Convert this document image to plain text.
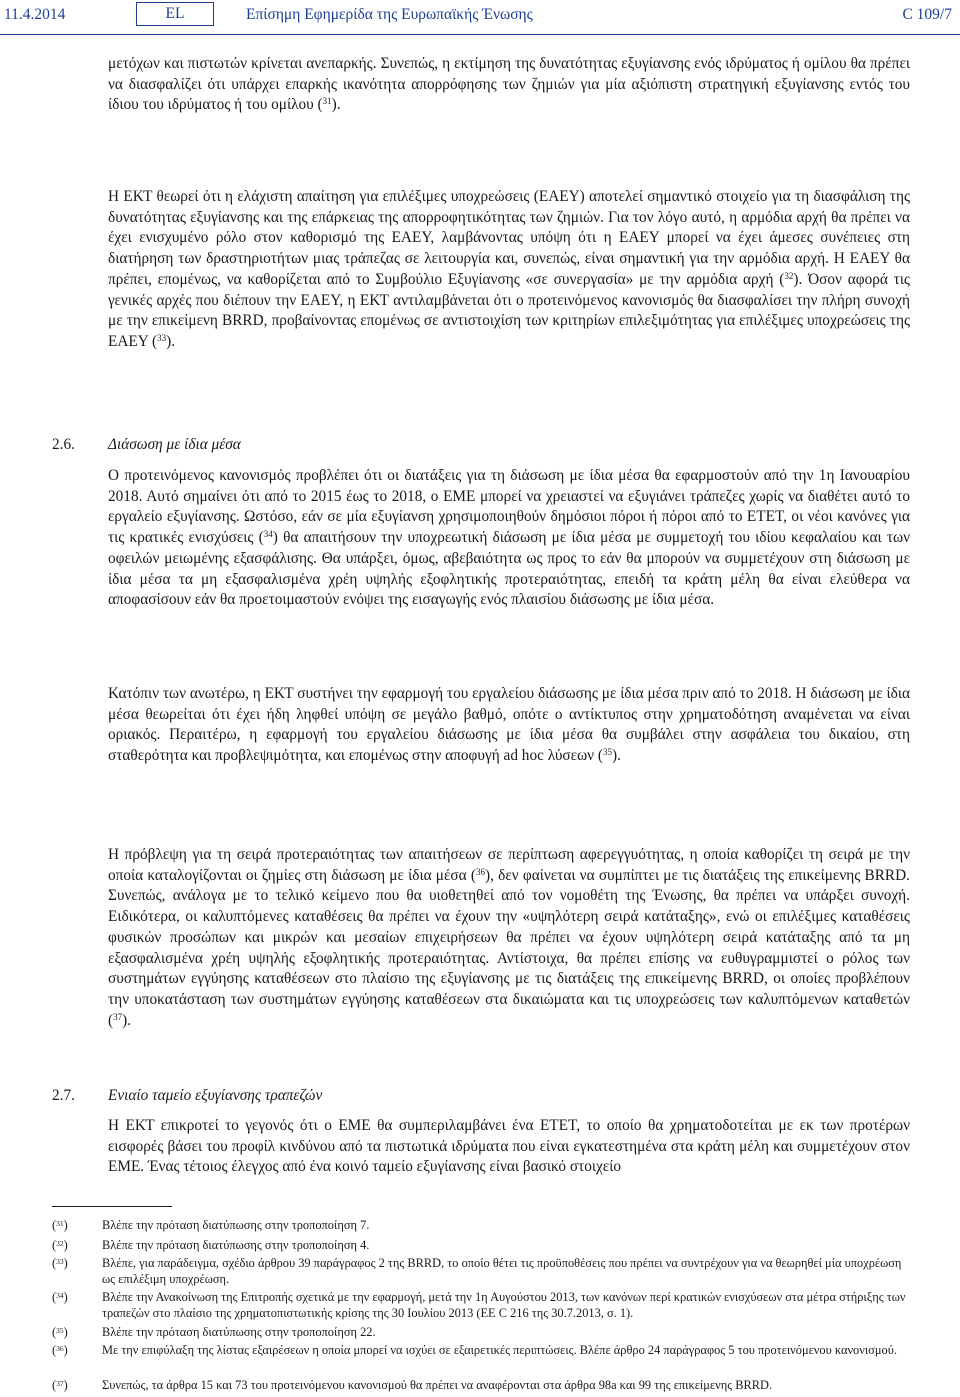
11.4.2014	EL	Επίσημη Εφημερίδα της Ευρωπαϊκής Ένωσης	C 109/7

μετόχων και πιστωτών κρίνεται ανεπαρκής. Συνεπώς, η εκτίμηση της δυνατότητας εξυγίανσης ενός ιδρύματος ή ομίλου θα πρέπει να διασφαλίζει ότι υπάρχει επαρκής ικανότητα απορρόφησης των ζημιών για μία αξιόπιστη στρατηγική εξυγίανσης εντός του ίδιου του ιδρύματος ή του ομίλου ($^{31}$).

Η ΕΚΤ θεωρεί ότι η ελάχιστη απαίτηση για επιλέξιμες υποχρεώσεις (ΕΑΕΥ) αποτελεί σημαντικό στοιχείο για τη διασφάλιση της δυνατότητας εξυγίανσης και της επάρκειας της απορροφητικότητας των ζημιών. Για τον λόγο αυτό, η αρμόδια αρχή θα πρέπει να έχει ενισχυμένο ρόλο στον καθορισμό της ΕΑΕΥ, λαμβάνοντας υπόψη ότι η ΕΑΕΥ μπορεί να έχει άμεσες συνέπειες στη διατήρηση των δραστηριοτήτων μιας τράπεζας σε λειτουργία και, συνεπώς, είναι σημαντική για την αρμόδια αρχή. Η ΕΑΕΥ θα πρέπει, επομένως, να καθορίζεται από το Συμβούλιο Εξυγίανσης «σε συνεργασία» με την αρμόδια αρχή ($^{32}$). Όσον αφορά τις γενικές αρχές που διέπουν την ΕΑΕΥ, η ΕΚΤ αντιλαμβάνεται ότι ο προτεινόμενος κανονισμός θα διασφαλίσει την πλήρη συνοχή με την επικείμενη BRRD, προβαίνοντας επομένως σε αντιστοιχίση των κριτηρίων επιλεξιμότητας για επιλέξιμες υποχρεώσεις της ΕΑΕΥ ($^{33}$).

2.6. Διάσωση με ίδια μέσα

Ο προτεινόμενος κανονισμός προβλέπει ότι οι διατάξεις για τη διάσωση με ίδια μέσα θα εφαρμοστούν από την 1η Ιανουαρίου 2018. Αυτό σημαίνει ότι από το 2015 έως το 2018, ο ΕΜΕ μπορεί να χρειαστεί να εξυγιάνει τράπεζες χωρίς να διαθέτει αυτό το εργαλείο εξυγίανσης. Ωστόσο, εάν σε μία εξυγίανση χρησιμοποιηθούν δημόσιοι πόροι ή πόροι από το ΕΤΕΤ, οι νέοι κανόνες για τις κρατικές ενισχύσεις ($^{34}$) θα απαιτήσουν την υποχρεωτική διάσωση με ίδια μέσα με συμμετοχή του ιδίου κεφαλαίου και των οφειλών μειωμένης εξασφάλισης. Θα υπάρξει, όμως, αβεβαιότητα ως προς το εάν θα μπορούν να συμμετέχουν στη διάσωση με ίδια μέσα τα μη εξασφαλισμένα χρέη υψηλής εξοφλητικής προτεραιότητας, επειδή τα κράτη μέλη θα είναι ελεύθερα να αποφασίσουν εάν θα προετοιμαστούν ενόψει της εισαγωγής ενός πλαισίου διάσωσης με ίδια μέσα.

Κατόπιν των ανωτέρω, η ΕΚΤ συστήνει την εφαρμογή του εργαλείου διάσωσης με ίδια μέσα πριν από το 2018. Η διάσωση με ίδια μέσα θεωρείται ότι έχει ήδη ληφθεί υπόψη σε μεγάλο βαθμό, οπότε ο αντίκτυπος στην χρηματοδότηση αναμένεται να είναι οριακός. Περαιτέρω, η εφαρμογή του εργαλείου διάσωσης με ίδια μέσα θα συμβάλει στην ασφάλεια του δικαίου, στη σταθερότητα και προβλεψιμότητα, και επομένως στην αποφυγή ad hoc λύσεων ($^{35}$).

Η πρόβλεψη για τη σειρά προτεραιότητας των απαιτήσεων σε περίπτωση αφερεγγυότητας, η οποία καθορίζει τη σειρά με την οποία καταλογίζονται οι ζημίες στη διάσωση με ίδια μέσα ($^{36}$), δεν φαίνεται να συμπίπτει με τις διατάξεις της επικείμενης BRRD. Συνεπώς, ανάλογα με το τελικό κείμενο που θα υιοθετηθεί από τον νομοθέτη της Ένωσης, θα πρέπει να υπάρξει συνοχή. Ειδικότερα, οι καλυπτόμενες καταθέσεις θα πρέπει να έχουν την «υψηλότερη σειρά κατάταξης», ενώ οι επιλέξιμες καταθέσεις φυσικών προσώπων και μικρών και μεσαίων επιχειρήσεων θα πρέπει να έχουν υψηλότερη σειρά κατάταξης από τα μη εξασφαλισμένα χρέη υψηλής εξοφλητικής προτεραιότητας. Αντίστοιχα, θα πρέπει επίσης να ευθυγραμμιστεί ο ρόλος των συστημάτων εγγύησης καταθέσεων στο πλαίσιο της εξυγίανσης με τις διατάξεις της επικείμενης BRRD, οι οποίες προβλέπουν την υποκατάσταση των συστημάτων εγγύησης καταθέσεων στα δικαιώματα και τις υποχρεώσεις των καλυπτόμενων καταθετών ($^{37}$).

2.7. Ενιαίο ταμείο εξυγίανσης τραπεζών

Η ΕΚΤ επικροτεί το γεγονός ότι ο ΕΜΕ θα συμπεριλαμβάνει ένα ΕΤΕΤ, το οποίο θα χρηματοδοτείται με εκ των προτέρων εισφορές βάσει του προφίλ κινδύνου από τα πιστωτικά ιδρύματα που είναι εγκατεστημένα στα κράτη μέλη και συμμετέχουν στον ΕΜΕ. Ένας τέτοιος έλεγχος από ένα κοινό ταμείο εξυγίανσης είναι βασικό στοιχείο

($^{31}$)	Βλέπε την πρόταση διατύπωσης στην τροποποίηση 7.
($^{32}$)	Βλέπε την πρόταση διατύπωσης στην τροποποίηση 4.
($^{33}$)	Βλέπε, για παράδειγμα, σχέδιο άρθρου 39 παράγραφος 2 της BRRD, το οποίο θέτει τις προϋποθέσεις που πρέπει να συντρέχουν για να θεωρηθεί μία υποχρέωση ως επιλέξιμη υποχρέωση.
($^{34}$)	Βλέπε την Ανακοίνωση της Επιτροπής σχετικά με την εφαρμογή, μετά την 1η Αυγούστου 2013, των κανόνων περί κρατικών ενισχύσεων στα μέτρα στήριξης των τραπεζών στο πλαίσιο της χρηματοπιστωτικής κρίσης της 30 Ιουλίου 2013 (ΕΕ C 216 της 30.7.2013, σ. 1).
($^{35}$)	Βλέπε την πρόταση διατύπωσης στην τροποποίηση 22.
($^{36}$)	Με την επιφύλαξη της λίστας εξαιρέσεων η οποία μπορεί να ισχύει σε εξαιρετικές περιπτώσεις. Βλέπε άρθρο 24 παράγραφος 5 του προτεινόμενου κανονισμού.
($^{37}$)	Συνεπώς, τα άρθρα 15 και 73 του προτεινόμενου κανονισμού θα πρέπει να αναφέρονται στα άρθρα 98a και 99 της επικείμενης BRRD.
